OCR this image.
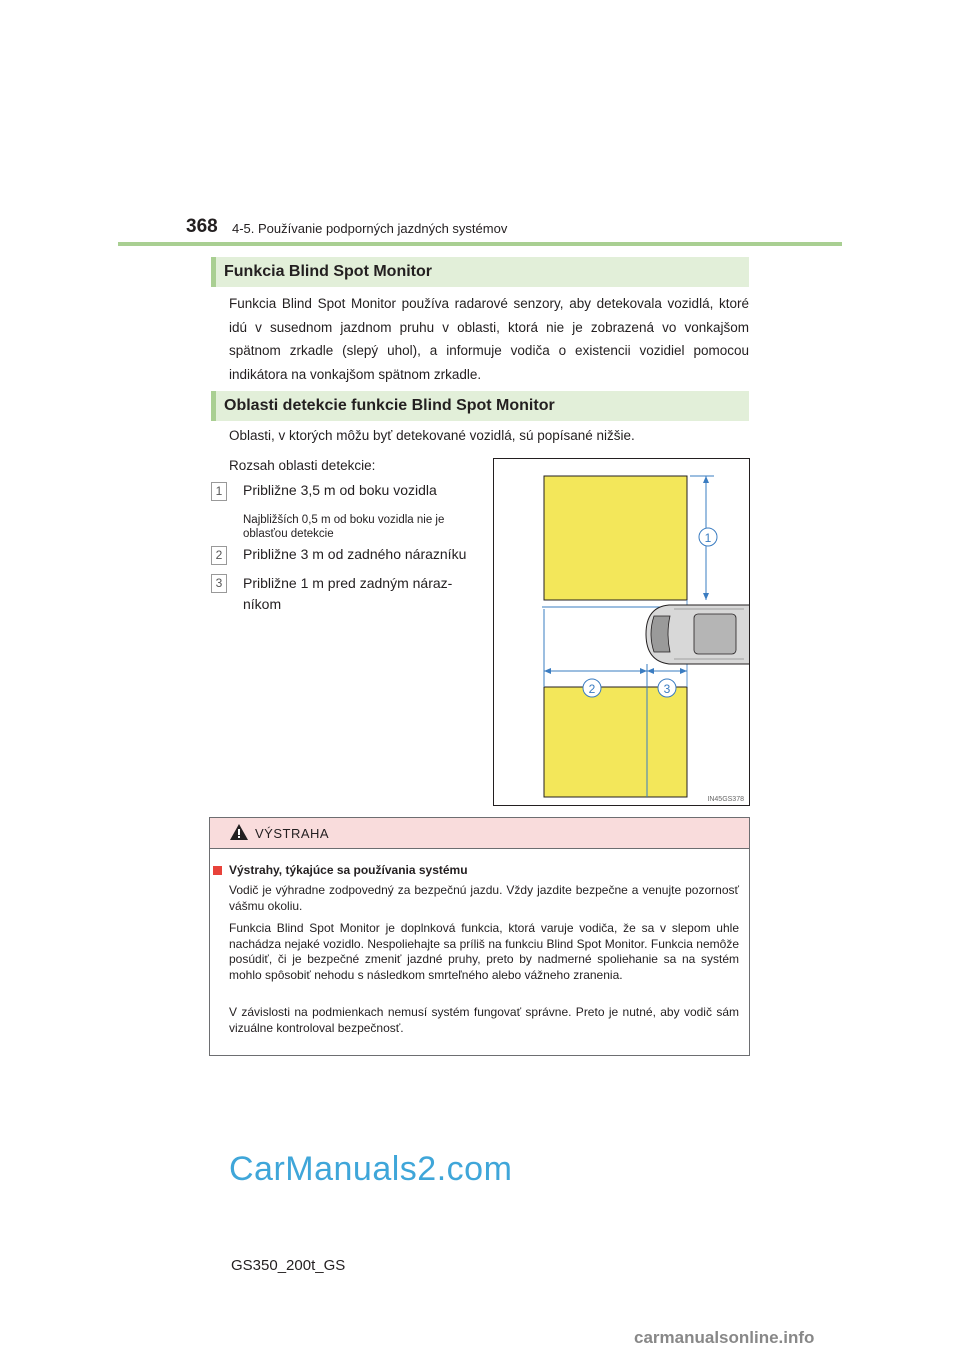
368 4-5. Používanie podporných jazdných systémov
Funkcia Blind Spot Monitor
Funkcia Blind Spot Monitor používa radarové senzory, aby detekovala vozidlá, ktoré idú v susednom jazdnom pruhu v oblasti, ktorá nie je zobrazená vo vonkajšom spätnom zrkadle (slepý uhol), a informuje vodiča o existencii vozidiel pomocou indikátora na vonkajšom spätnom zrkadle.
Oblasti detekcie funkcie Blind Spot Monitor
Oblasti, v ktorých môžu byť detekované vozidlá, sú popísané nižšie.
Rozsah oblasti detekcie:
1	Približne 3,5 m od boku vozidla
Najbližších 0,5 m od boku vozidla nie je oblasťou detekcie
2	Približne 3 m od zadného nárazníku
3	Približne 1 m pred zadným náraz-
níkom
1
2	3
IN45GS378
VÝSTRAHA
Výstrahy, týkajúce sa používania systému
Vodič je výhradne zodpovedný za bezpečnú jazdu. Vždy jazdite bezpečne a venujte pozornosť vášmu okoliu.
Funkcia Blind Spot Monitor je doplnková funkcia, ktorá varuje vodiča, že sa v slepom uhle nachádza nejaké vozidlo. Nespoliehajte sa príliš na funkciu Blind Spot Monitor. Funkcia nemôže posúdiť, či je bezpečné zmeniť jazdné pruhy, preto by nadmerné spoliehanie sa na systém mohlo spôsobiť nehodu s následkom smrteľného alebo vážneho zranenia.
V závislosti na podmienkach nemusí systém fungovať správne. Preto je nutné, aby vodič sám vizuálne kontroloval bezpečnosť.
CarManuals2.com
GS350_200t_GS
carmanualsonline.info
